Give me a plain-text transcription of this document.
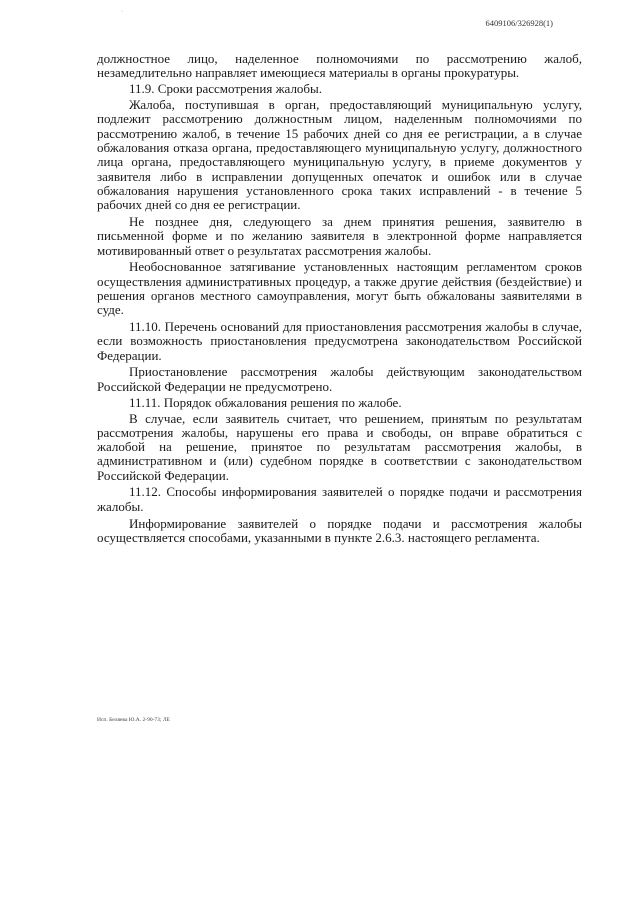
·
6409106/326928(1)

должностное лицо, наделенное полномочиями по рассмотрению жалоб, незамедлительно направляет имеющиеся материалы в органы прокуратуры.

11.9. Сроки рассмотрения жалобы.

Жалоба, поступившая в орган, предоставляющий муниципальную услугу, подлежит рассмотрению должностным лицом, наделенным полномочиями по рассмотрению жалоб, в течение 15 рабочих дней со дня ее регистрации, а в случае обжалования отказа органа, предоставляющего муниципальную услугу, должностного лица органа, предоставляющего муниципальную услугу, в приеме документов у заявителя либо в исправлении допущенных опечаток и ошибок или в случае обжалования нарушения установленного срока таких исправлений - в течение 5 рабочих дней со дня ее регистрации.

Не позднее дня, следующего за днем принятия решения, заявителю в письменной форме и по желанию заявителя в электронной форме направляется мотивированный ответ о результатах рассмотрения жалобы.

Необоснованное затягивание установленных настоящим регламентом сроков осуществления административных процедур, а также другие действия (бездействие) и решения органов местного самоуправления, могут быть обжалованы заявителями в суде.

11.10. Перечень оснований для приостановления рассмотрения жалобы в случае, если возможность приостановления предусмотрена законодательством Российской Федерации.

Приостановление рассмотрения жалобы действующим законодательством Российской Федерации не предусмотрено.

11.11. Порядок обжалования решения по жалобе.

В случае, если заявитель считает, что решением, принятым по результатам рассмотрения жалобы, нарушены его права и свободы, он вправе обратиться с жалобой на решение, принятое по результатам рассмотрения жалобы, в административном и (или) судебном порядке в соответствии с законодательством Российской Федерации.

11.12. Способы информирования заявителей о порядке подачи и рассмотрения жалобы.

Информирование заявителей о порядке подачи и рассмотрения жалобы осуществляется способами, указанными в пункте 2.6.3. настоящего регламента.

Исп. Беляева Ю.А. 2-90-73; ЛЕ
